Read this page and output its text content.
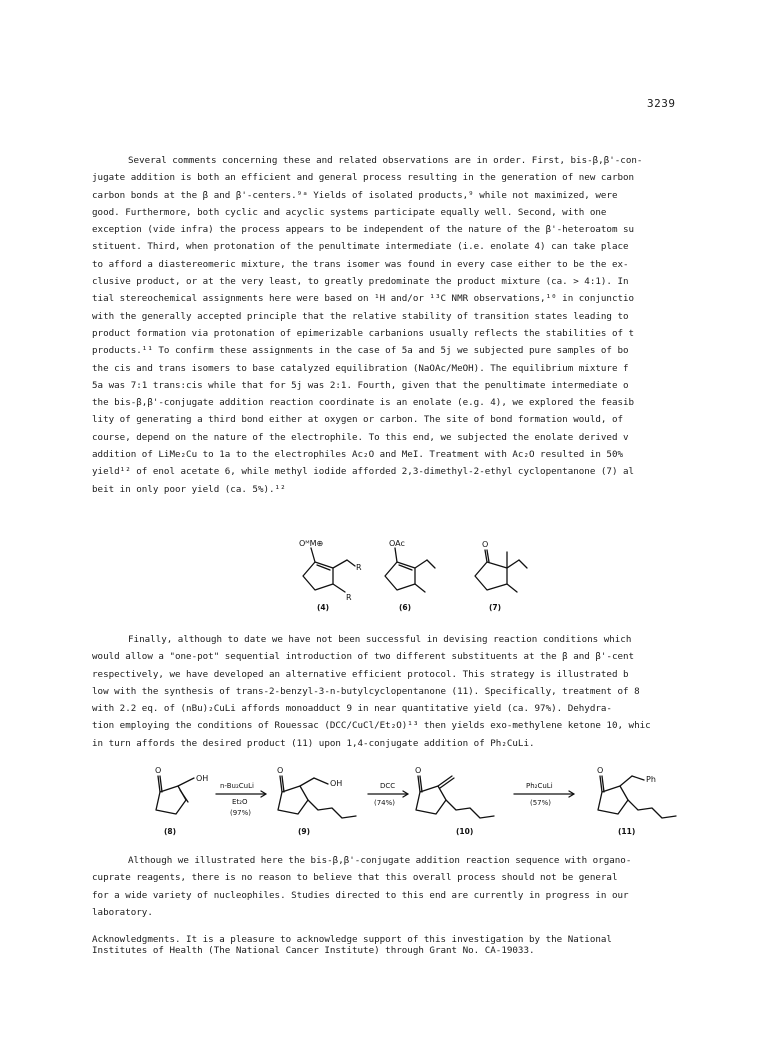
3239
Several comments concerning these and related observations are in order. First, bis-β,β'-con-
jugate addition is both an efficient and general process resulting in the generation of new carbon
carbon bonds at the β and β'-centers.⁹ᵃ Yields of isolated products,⁹ while not maximized, were
good. Furthermore, both cyclic and acyclic systems participate equally well. Second, with one
exception (vide infra) the process appears to be independent of the nature of the β'-heteroatom su
stituent. Third, when protonation of the penultimate intermediate (i.e. enolate 4) can take place
to afford a diastereomeric mixture, the trans isomer was found in every case either to be the ex-
clusive product, or at the very least, to greatly predominate the product mixture (ca. > 4:1). In
tial stereochemical assignments here were based on ¹H and/or ¹³C NMR observations,¹⁰ in conjunctio
with the generally accepted principle that the relative stability of transition states leading to
product formation via protonation of epimerizable carbanions usually reflects the stabilities of t
products.¹¹ To confirm these assignments in the case of 5a and 5j we subjected pure samples of bo
the cis and trans isomers to base catalyzed equilibration (NaOAc/MeOH). The equilibrium mixture f
5a was 7:1 trans:cis while that for 5j was 2:1. Fourth, given that the penultimate intermediate o
the bis-β,β'-conjugate addition reaction coordinate is an enolate (e.g. 4), we explored the feasib
lity of generating a third bond either at oxygen or carbon. The site of bond formation would, of
course, depend on the nature of the electrophile. To this end, we subjected the enolate derived v
addition of LiMe₂Cu to 1a to the electrophiles Ac₂O and MeI. Treatment with Ac₂O resulted in 50%
yield¹² of enol acetate 6, while methyl iodide afforded 2,3-dimethyl-2-ethyl cyclopentanone (7) al
beit in only poor yield (ca. 5%).¹²
OᴹM⊕
R
R
(4)
OAc
(6)
O
(7)
Finally, although to date we have not been successful in devising reaction conditions which
would allow a "one-pot" sequential introduction of two different substituents at the β and β'-cent
respectively, we have developed an alternative efficient protocol. This strategy is illustrated b
low with the synthesis of trans-2-benzyl-3-n-butylcyclopentanone (11). Specifically, treatment of 8
with 2.2 eq. of (nBu)₂CuLi affords monoadduct 9 in near quantitative yield (ca. 97%). Dehydra-
tion employing the conditions of Rouessac (DCC/CuCl/Et₂O)¹³ then yields exo-methylene ketone 10, whic
in turn affords the desired product (11) upon 1,4-conjugate addition of Ph₂CuLi.
O
OH
(8)
n-Bu₂CuLi
Et₂O
(97%)
O
OH
(9)
DCC
(74%)
O
(10)
Ph₂CuLi
(57%)
O
Ph
(11)
Although we illustrated here the bis-β,β'-conjugate addition reaction sequence with organo-
cuprate reagents, there is no reason to believe that this overall process should not be general
for a wide variety of nucleophiles. Studies directed to this end are currently in progress in our
laboratory.
Acknowledgments. It is a pleasure to acknowledge support of this investigation by the National
Institutes of Health (The National Cancer Institute) through Grant No. CA-19033.
